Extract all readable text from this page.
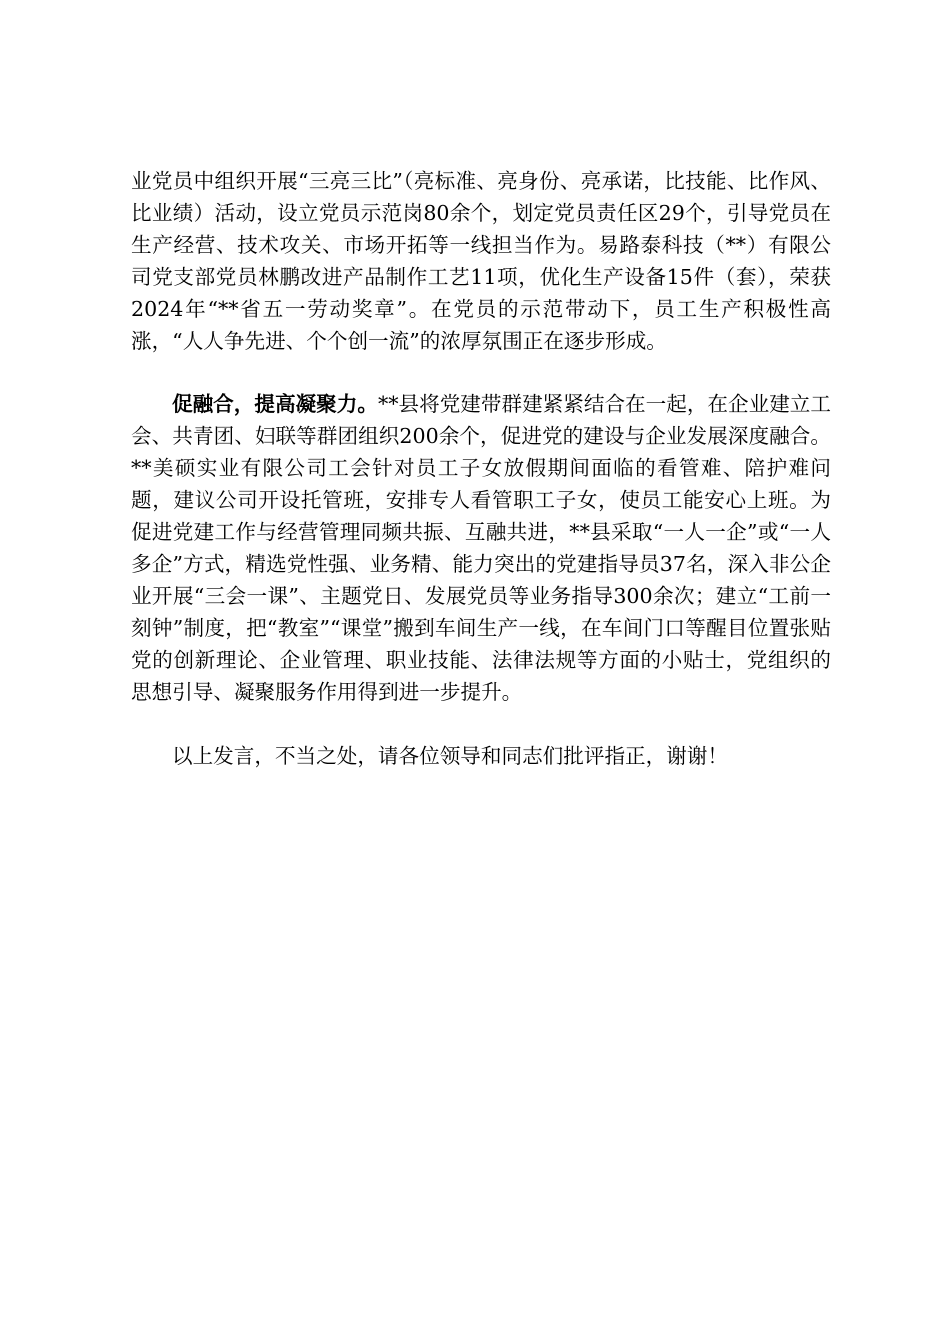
业党员中组织开展“三亮三比”（亮标准、亮身份、亮承诺，比技能、比作风、比业绩）活动，设立党员示范岗80余个，划定党员责任区29个，引导党员在生产经营、技术攻关、市场开拓等一线担当作为。易路泰科技（**）有限公司党支部党员林鹏改进产品制作工艺11项，优化生产设备15件（套），荣获2024年“**省五一劳动奖章”。在党员的示范带动下，员工生产积极性高涨，“人人争先进、个个创一流”的浓厚氛围正在逐步形成。

促融合，提高凝聚力。**县将党建带群建紧紧结合在一起，在企业建立工会、共青团、妇联等群团组织200余个，促进党的建设与企业发展深度融合。**美硕实业有限公司工会针对员工子女放假期间面临的看管难、陪护难问题，建议公司开设托管班，安排专人看管职工子女，使员工能安心上班。为促进党建工作与经营管理同频共振、互融共进，**县采取“一人一企”或“一人多企”方式，精选党性强、业务精、能力突出的党建指导员37名，深入非公企业开展“三会一课”、主题党日、发展党员等业务指导300余次；建立“工前一刻钟”制度，把“教室”“课堂”搬到车间生产一线，在车间门口等醒目位置张贴党的创新理论、企业管理、职业技能、法律法规等方面的小贴士，党组织的思想引导、凝聚服务作用得到进一步提升。

以上发言，不当之处，请各位领导和同志们批评指正，谢谢！
